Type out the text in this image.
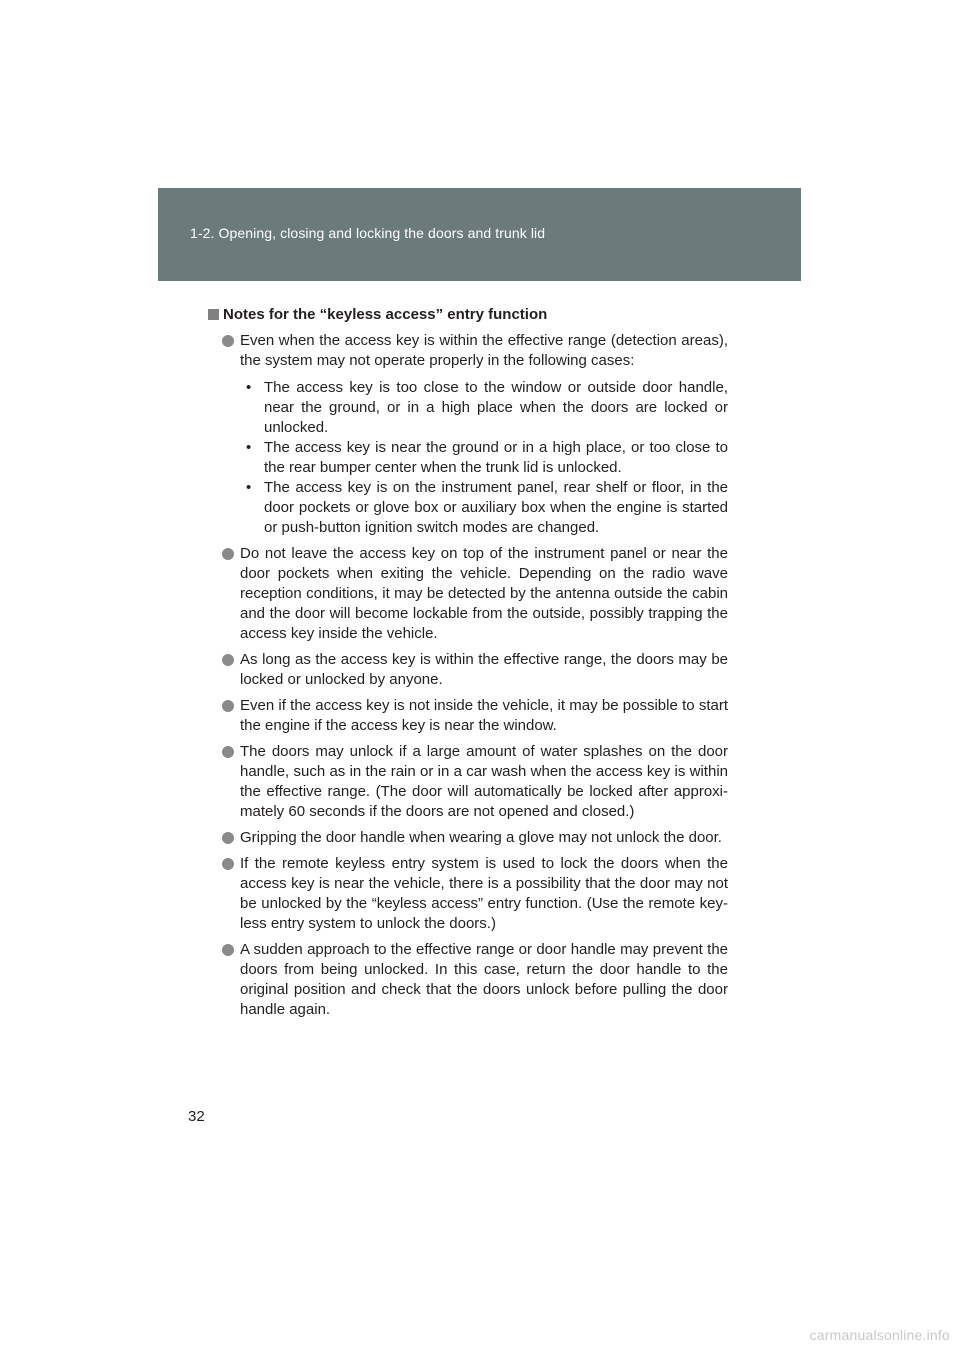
1-2. Opening, closing and locking the doors and trunk lid
Notes for the “keyless access” entry function
Even when the access key is within the effective range (detection areas), the system may not operate properly in the following cases:
• The access key is too close to the window or outside door handle, near the ground, or in a high place when the doors are locked or unlocked.
• The access key is near the ground or in a high place, or too close to the rear bumper center when the trunk lid is unlocked.
• The access key is on the instrument panel, rear shelf or floor, in the door pockets or glove box or auxiliary box when the engine is started or push-button ignition switch modes are changed.
Do not leave the access key on top of the instrument panel or near the door pockets when exiting the vehicle. Depending on the radio wave reception conditions, it may be detected by the antenna outside the cabin and the door will become lockable from the outside, possibly trapping the access key inside the vehicle.
As long as the access key is within the effective range, the doors may be locked or unlocked by anyone.
Even if the access key is not inside the vehicle, it may be possible to start the engine if the access key is near the window.
The doors may unlock if a large amount of water splashes on the door handle, such as in the rain or in a car wash when the access key is within the effective range. (The door will automatically be locked after approxi-mately 60 seconds if the doors are not opened and closed.)
Gripping the door handle when wearing a glove may not unlock the door.
If the remote keyless entry system is used to lock the doors when the access key is near the vehicle, there is a possibility that the door may not be unlocked by the “keyless access” entry function. (Use the remote key-less entry system to unlock the doors.)
A sudden approach to the effective range or door handle may prevent the doors from being unlocked. In this case, return the door handle to the original position and check that the doors unlock before pulling the door handle again.
32
carmanualsonline.info
